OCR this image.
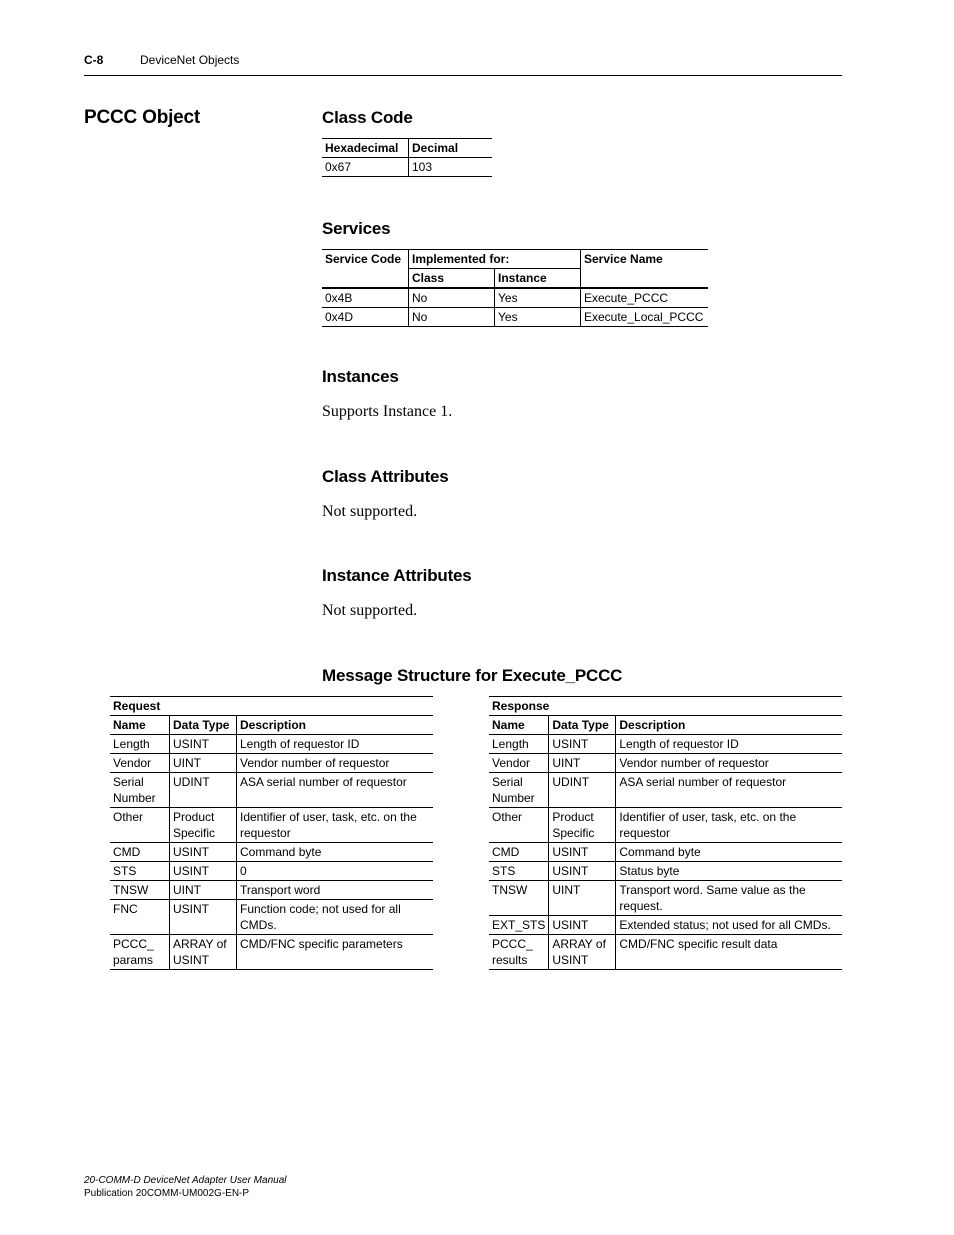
C-8	DeviceNet Objects
PCCC Object	Class Code
Hexadecimal	Decimal
0x67	103
Services
Service Code	Implemented for:		Service Name
	Class	Instance	
0x4B	No	Yes	Execute_PCCC
0x4D	No	Yes	Execute_Local_PCCC
Instances
Supports Instance 1.
Class Attributes
Not supported.
Instance Attributes
Not supported.
Message Structure for Execute_PCCC
Request		
Name	Data Type	Description
Length	USINT	Length of requestor ID
Vendor	UINT	Vendor number of requestor
Serial Number	UDINT	ASA serial number of requestor
Other	Product Specific	Identifier of user, task, etc. on the requestor
CMD	USINT	Command byte
STS	USINT	0
TNSW	UINT	Transport word
FNC	USINT	Function code; not used for all CMDs.
PCCC_ params	ARRAY of USINT	CMD/FNC specific parameters
Response		
Name	Data Type	Description
Length	USINT	Length of requestor ID
Vendor	UINT	Vendor number of requestor
Serial Number	UDINT	ASA serial number of requestor
Other	Product Specific	Identifier of user, task, etc. on the requestor
CMD	USINT	Command byte
STS	USINT	Status byte
TNSW	UINT	Transport word. Same value as the request.
EXT_STS	USINT	Extended status; not used for all CMDs.
PCCC_ results	ARRAY of USINT	CMD/FNC specific result data
20-COMM-D DeviceNet Adapter User Manual
Publication 20COMM-UM002G-EN-P
